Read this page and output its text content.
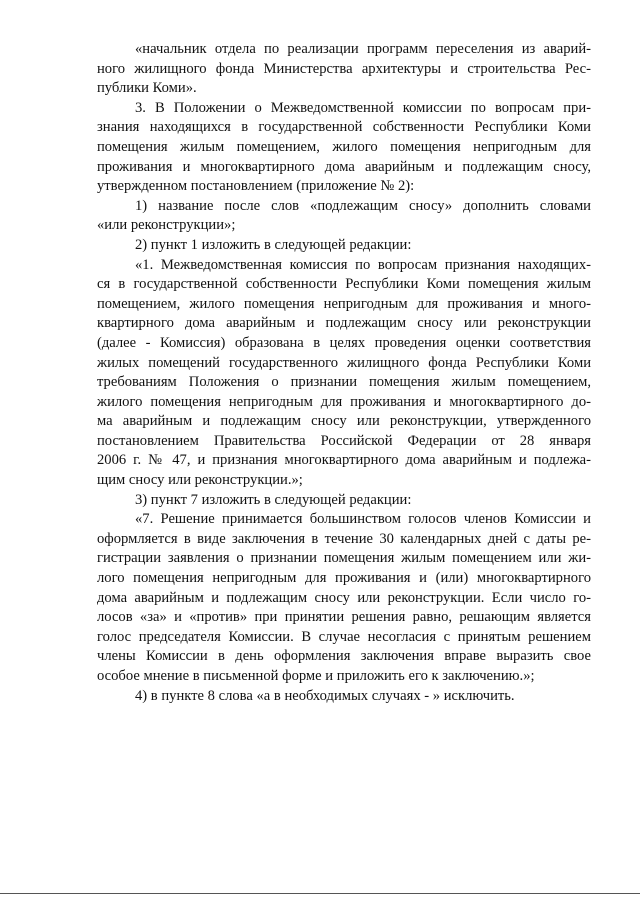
«начальник отдела по реализации программ переселения из аварий-
ного жилищного фонда Министерства архитектуры и строительства Рес-
публики Коми».

3. В Положении о Межведомственной комиссии по вопросам при-
знания находящихся в государственной собственности Республики Коми
помещения жилым помещением, жилого помещения непригодным для
проживания и многоквартирного дома аварийным и подлежащим сносу,
утвержденном постановлением (приложение № 2):

1) название после слов «подлежащим сносу» дополнить словами
«или реконструкции»;

2) пункт 1 изложить в следующей редакции:

«1. Межведомственная комиссия по вопросам признания находящих-
ся в государственной собственности Республики Коми помещения жилым
помещением, жилого помещения непригодным для проживания и много-
квартирного дома аварийным и подлежащим сносу или реконструкции
(далее - Комиссия) образована в целях проведения оценки соответствия
жилых помещений государственного жилищного фонда Республики Коми
требованиям Положения о признании помещения жилым помещением,
жилого помещения непригодным для проживания и многоквартирного до-
ма аварийным и подлежащим сносу или реконструкции, утвержденного
постановлением Правительства Российской Федерации от 28 января
2006 г. № 47, и признания многоквартирного дома аварийным и подлежа-
щим сносу или реконструкции.»;

3) пункт 7 изложить в следующей редакции:

«7. Решение принимается большинством голосов членов Комиссии и
оформляется в виде заключения в течение 30 календарных дней с даты ре-
гистрации заявления о признании помещения жилым помещением или жи-
лого помещения непригодным для проживания и (или) многоквартирного
дома аварийным и подлежащим сносу или реконструкции. Если число го-
лосов «за» и «против» при принятии решения равно, решающим является
голос председателя Комиссии. В случае несогласия с принятым решением
члены Комиссии в день оформления заключения вправе выразить свое
особое мнение в письменной форме и приложить его к заключению.»;

4) в пункте 8 слова «а в необходимых случаях - » исключить.
